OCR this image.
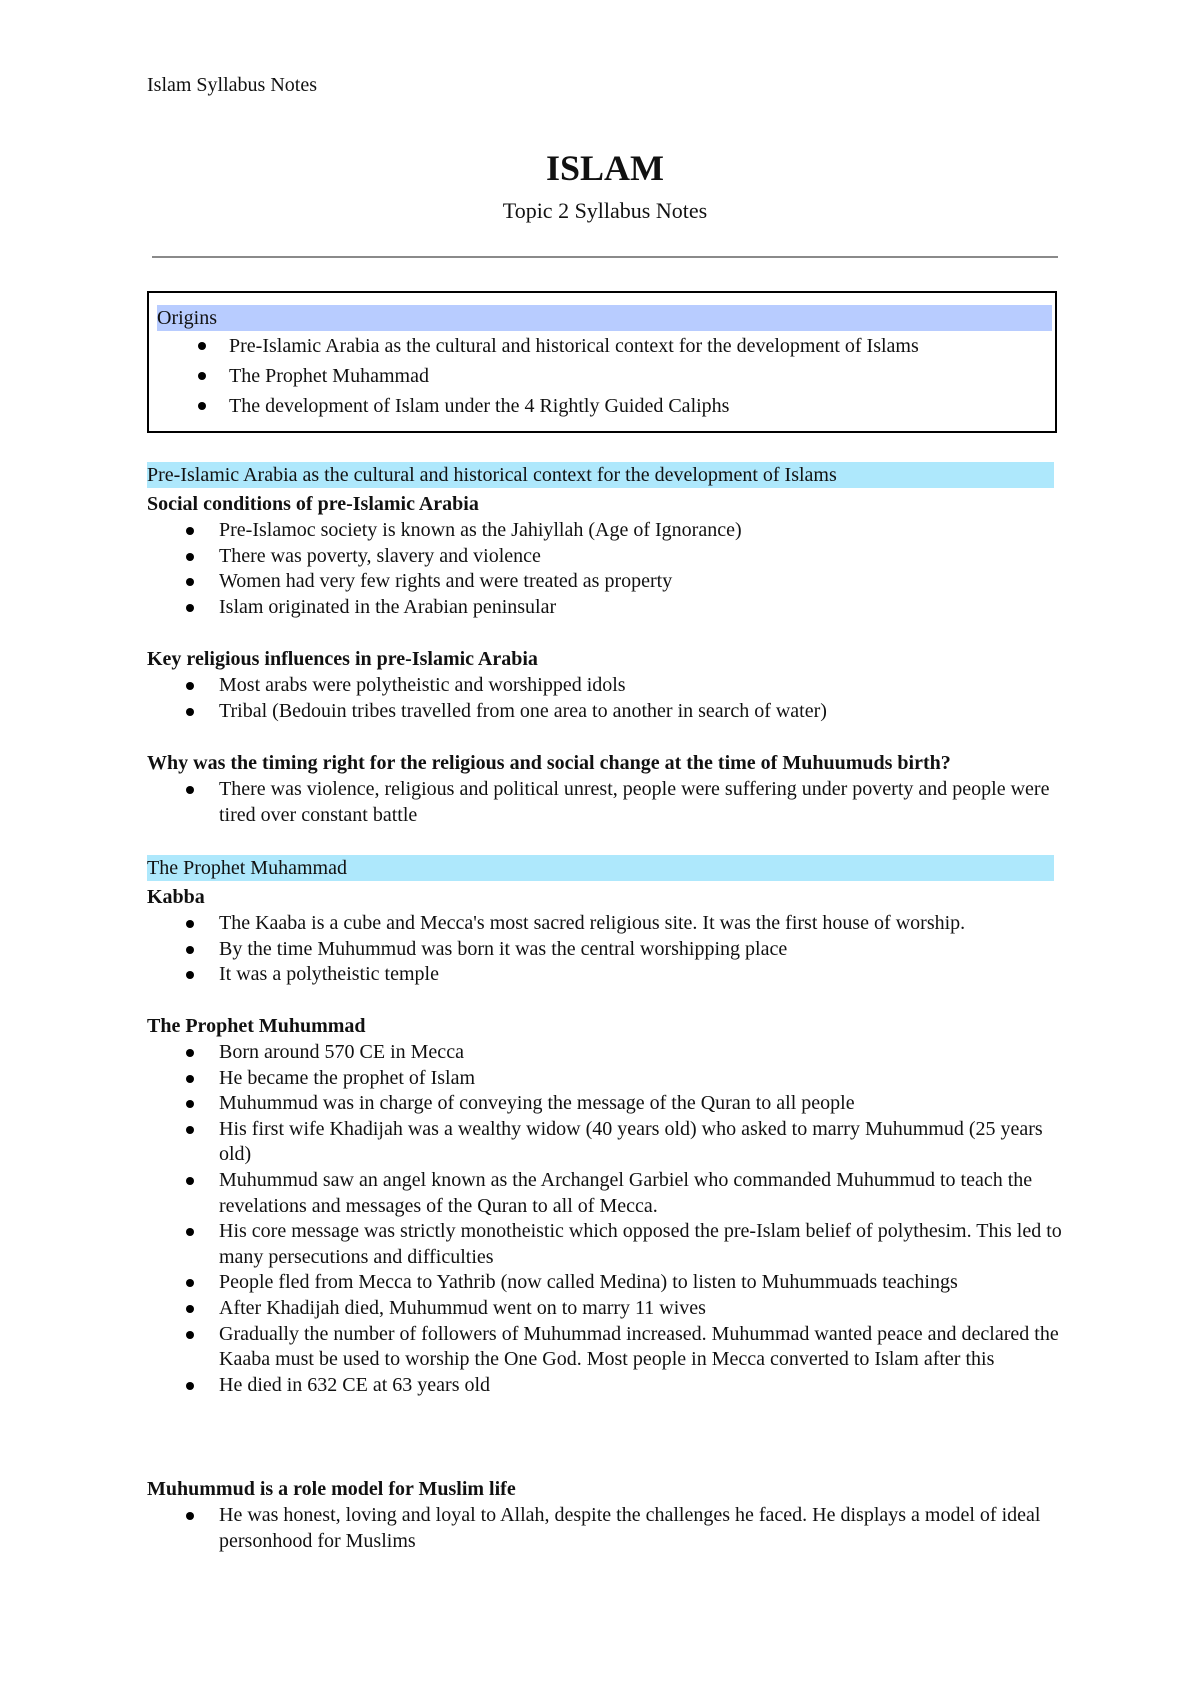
Islam Syllabus Notes
ISLAM
Topic 2 Syllabus Notes
Origins
Pre-Islamic Arabia as the cultural and historical context for the development of Islams
The Prophet Muhammad
The development of Islam under the 4 Rightly Guided Caliphs
Pre-Islamic Arabia as the cultural and historical context for the development of Islams
Social conditions of pre-Islamic Arabia
Pre-Islamoc society is known as the Jahiyllah (Age of Ignorance)
There was poverty, slavery and violence
Women had very few rights and were treated as property
Islam originated in the Arabian peninsular
Key religious influences in pre-Islamic Arabia
Most arabs were polytheistic and worshipped idols
Tribal (Bedouin tribes travelled from one area to another in search of water)
Why was the timing right for the religious and social change at the time of Muhuumuds birth?
There was violence, religious and political unrest, people were suffering under poverty and people were tired over constant battle
The Prophet Muhammad
Kabba
The Kaaba is a cube and Mecca's most sacred religious site. It was the first house of worship.
By the time Muhummud was born it was the central worshipping place
It was a polytheistic temple
The Prophet Muhummad
Born around 570 CE in Mecca
He became the prophet of Islam
Muhummud was in charge of conveying the message of the Quran to all people
His first wife Khadijah was a wealthy widow (40 years old) who asked to marry Muhummud (25 years old)
Muhummud saw an angel known as the Archangel Garbiel who commanded Muhummud to teach the revelations and messages of the Quran to all of Mecca.
His core message was strictly monotheistic which opposed the pre-Islam belief of polythesim. This led to many persecutions and difficulties
People fled from Mecca to Yathrib (now called Medina) to listen to Muhummuads teachings
After Khadijah died, Muhummud went on to marry 11 wives
Gradually the number of followers of Muhummad increased. Muhummad wanted peace and declared the Kaaba must be used to worship the One God. Most people in Mecca converted to Islam after this
He died in 632 CE at 63 years old
Muhummud is a role model for Muslim life
He was honest, loving and loyal to Allah, despite the challenges he faced. He displays a model of ideal personhood for Muslims
